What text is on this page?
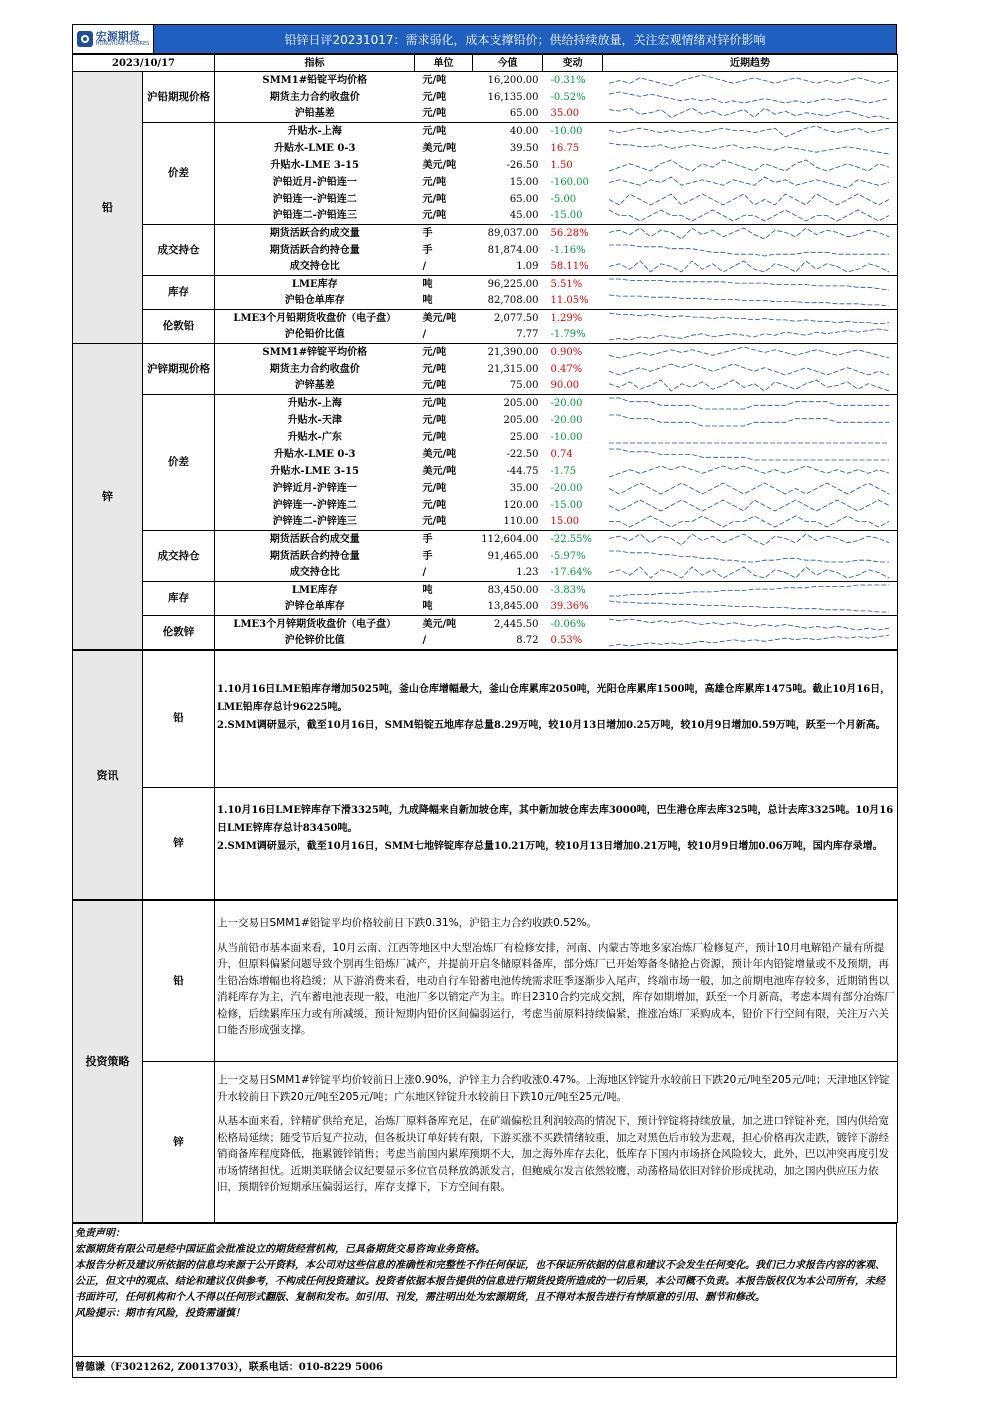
宏源期货
HONGYUAN FUTURES	铅锌日评20231017：需求弱化，成本支撑铅价；供给持续放量，关注宏观情绪对锌价影响
2023/10/17		指标	单位	今值	变动	近期趋势
铅	沪铅期现价格	SMM1#铅锭平均价格	元/吨	16,200.00	-0.31%	

		期货主力合约收盘价	元/吨	16,135.00	-0.52%	

		沪铅基差	元/吨	65.00	35.00	

	价差	升贴水-上海	元/吨	40.00	-10.00	

		升贴水-LME 0-3	美元/吨	39.50	16.75	

		升贴水-LME 3-15	美元/吨	-26.50	1.50	

		沪铅近月-沪铅连一	元/吨	15.00	-160.00	

		沪铅连一-沪铅连二	元/吨	65.00	-5.00	

		沪铅连二-沪铅连三	元/吨	45.00	-15.00	

	成交持仓	期货活跃合约成交量	手	89,037.00	56.28%	

		期货活跃合约持仓量	手	81,874.00	-1.16%	

		成交持仓比	/	1.09	58.11%	

	库存	LME库存	吨	96,225.00	5.51%	

		沪铅仓单库存	吨	82,708.00	11.05%	

	伦敦铅	LME3个月铅期货收盘价（电子盘）	美元/吨	2,077.50	1.29%	

		沪伦铅价比值	/	7.77	-1.79%	

锌	沪锌期现价格	SMM1#锌锭平均价格	元/吨	21,390.00	0.90%	

		期货主力合约收盘价	元/吨	21,315.00	0.47%	

		沪锌基差	元/吨	75.00	90.00	

	价差	升贴水-上海	元/吨	205.00	-20.00	

		升贴水-天津	元/吨	205.00	-20.00	

		升贴水-广东	元/吨	25.00	-10.00	

		升贴水-LME 0-3	美元/吨	-22.50	0.74	

		升贴水-LME 3-15	美元/吨	-44.75	-1.75	

		沪锌近月-沪锌连一	元/吨	35.00	-20.00	

		沪锌连一-沪锌连二	元/吨	120.00	-15.00	

		沪锌连二-沪锌连三	元/吨	110.00	15.00	

	成交持仓	期货活跃合约成交量	手	112,604.00	-22.55%	

		期货活跃合约持仓量	手	91,465.00	-5.97%	

		成交持仓比	/	1.23	-17.64%	

	库存	LME库存	吨	83,450.00	-3.83%	

		沪锌仓单库存	吨	13,845.00	39.36%	

	伦敦锌	LME3个月锌期货收盘价（电子盘）	美元/吨	2,445.50	-0.06%	

		沪伦锌价比值	/	8.72	0.53%	
资讯	铅	1.10月16日LME铅库存增加5025吨，釜山仓库增幅最大，釜山仓库累库2050吨，光阳仓库累库1500吨，高雄仓库累库1475吨。截止10月16日，LME铅库存总计96225吨。
2.SMM调研显示，截至10月16日，SMM铅锭五地库存总量8.29万吨，较10月13日增加0.25万吨，较10月9日增加0.59万吨，跃至一个月新高。
	锌	1.10月16日LME锌库存下滑3325吨，九成降幅来自新加坡仓库，其中新加坡仓库去库3000吨，巴生港仓库去库325吨，总计去库3325吨。10月16日LME锌库存总计83450吨。
2.SMM调研显示，截至10月16日，SMM七地锌锭库存总量10.21万吨，较10月13日增加0.21万吨，较10月9日增加0.06万吨，国内库存录增。
投资策略	铅	上一交易日SMM1#铅锭平均价格较前日下跌0.31%，沪铅主力合约收跌0.52%。

从当前铅市基本面来看，10月云南、江西等地区中大型冶炼厂有检修安排，河南、内蒙古等地多家冶炼厂检修复产，预计10月电解铅产量有所提升，但原料偏紧问题导致个别再生铅炼厂减产，并提前开启冬储原料备库，部分炼厂已开始筹备冬储抢占资源，预计年内铅锭增量或不及预期，再生铅冶炼增幅也将趋缓；从下游消费来看，电动自行车铅蓄电池传统需求旺季逐渐步入尾声，终端市场一般，加之前期电池库存较多，近期销售以消耗库存为主，汽车蓄电池表现一般，电池厂多以销定产为主。昨日2310合约完成交割，库存如期增加，跃至一个月新高，考虑本周有部分冶炼厂检修，后续累库压力或有所减缓，预计短期内铅价区间偏弱运行，考虑当前原料持续偏紧，推涨冶炼厂采购成本，铅价下行空间有限，关注万六关口能否形成强支撑。

	锌	上一交易日SMM1#锌锭平均价较前日上涨0.90%，沪锌主力合约收涨0.47%。上海地区锌锭升水较前日下跌20元/吨至205元/吨；天津地区锌锭升水较前日下跌20元/吨至205元/吨；广东地区锌锭升水较前日下跌10元/吨至25元/吨。

从基本面来看，锌精矿供给充足，冶炼厂原料备库充足，在矿端偏松且利润较高的情况下，预计锌锭将持续放量，加之进口锌锭补充，国内供给宽松格局延续；随受节后复产拉动，但各板块订单好转有限，下游买涨不买跌情绪较重，加之对黑色后市较为悲观，担心价格再次走跌，镀锌下游经销商备库程度降低，拖累镀锌销售；考虑当前国内累库预期不大，加之海外库存去化，低库存下国内市场挤仓风险较大，此外，巴以冲突再度引发市场情绪担忧。近期美联储会议纪要显示多位官员释放鸽派发言，但鲍威尔发言依然较鹰，动荡格局依旧对锌价形成扰动，加之国内供应压力依旧，预期锌价短期承压偏弱运行，库存支撑下，下方空间有限。

免责声明：
宏源期货有限公司是经中国证监会批准设立的期货经营机构，已具备期货交易咨询业务资格。
本报告分析及建议所依据的信息均来源于公开资料，本公司对这些信息的准确性和完整性不作任何保证，也不保证所依据的信息和建议不会发生任何变化。我们已力求报告内容的客观、公正，但文中的观点、结论和建议仅供参考，不构成任何投资建议。投资者依据本报告提供的信息进行期货投资所造成的一切后果，本公司概不负责。本报告版权仅为本公司所有，未经书面许可，任何机构和个人不得以任何形式翻版、复制和发布。如引用、刊发，需注明出处为宏源期货，且不得对本报告进行有悖原意的引用、删节和修改。
风险提示：期市有风险，投资需谨慎！

曾德谦（F3021262, Z0013703），联系电话：010-8229 5006
